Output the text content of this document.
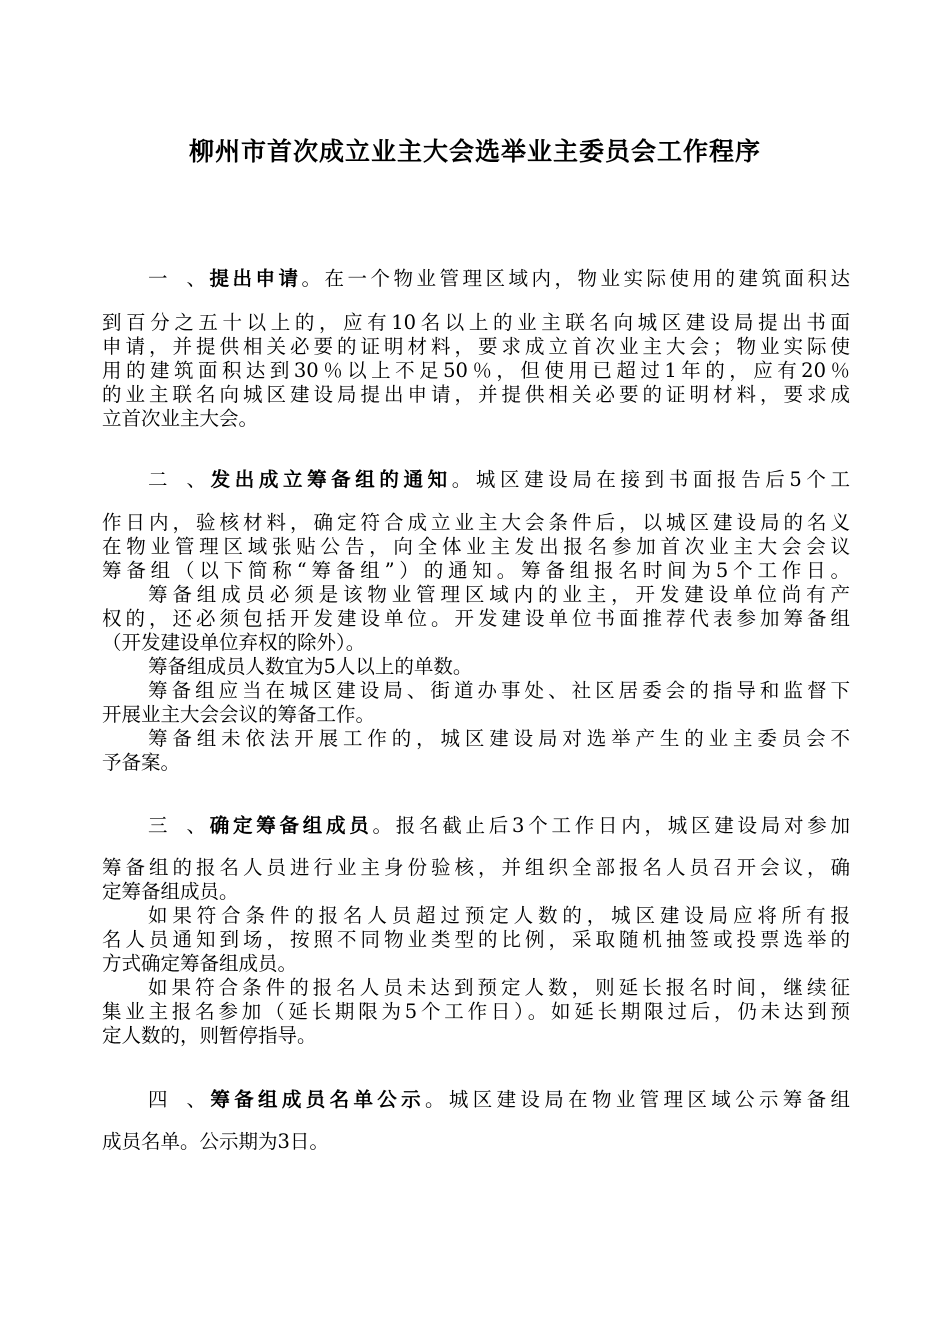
柳州市首次成立业主大会选举业主委员会工作程序
一、提出申请。在一个物业管理区域内，物业实际使用的建筑面积达
到百分之五十以上的，应有10名以上的业主联名向城区建设局提出书面
申请，并提供相关必要的证明材料，要求成立首次业主大会；物业实际使
用的建筑面积达到30％以上不足50％，但使用已超过1年的，应有20％
的业主联名向城区建设局提出申请，并提供相关必要的证明材料，要求成
立首次业主大会。
二、发出成立筹备组的通知。城区建设局在接到书面报告后5个工
作日内，验核材料，确定符合成立业主大会条件后，以城区建设局的名义
在物业管理区域张贴公告，向全体业主发出报名参加首次业主大会会议
筹备组（以下简称“筹备组”）的通知。筹备组报名时间为5个工作日。
筹备组成员必须是该物业管理区域内的业主，开发建设单位尚有产
权的，还必须包括开发建设单位。开发建设单位书面推荐代表参加筹备组
（开发建设单位弃权的除外）。
筹备组成员人数宜为5人以上的单数。
筹备组应当在城区建设局、街道办事处、社区居委会的指导和监督下
开展业主大会会议的筹备工作。
筹备组未依法开展工作的，城区建设局对选举产生的业主委员会不
予备案。
三、确定筹备组成员。报名截止后3个工作日内，城区建设局对参加
筹备组的报名人员进行业主身份验核，并组织全部报名人员召开会议，确
定筹备组成员。
如果符合条件的报名人员超过预定人数的，城区建设局应将所有报
名人员通知到场，按照不同物业类型的比例，采取随机抽签或投票选举的
方式确定筹备组成员。
如果符合条件的报名人员未达到预定人数，则延长报名时间，继续征
集业主报名参加（延长期限为5个工作日）。如延长期限过后，仍未达到预
定人数的，则暂停指导。
四、筹备组成员名单公示。城区建设局在物业管理区域公示筹备组
成员名单。公示期为3日。
